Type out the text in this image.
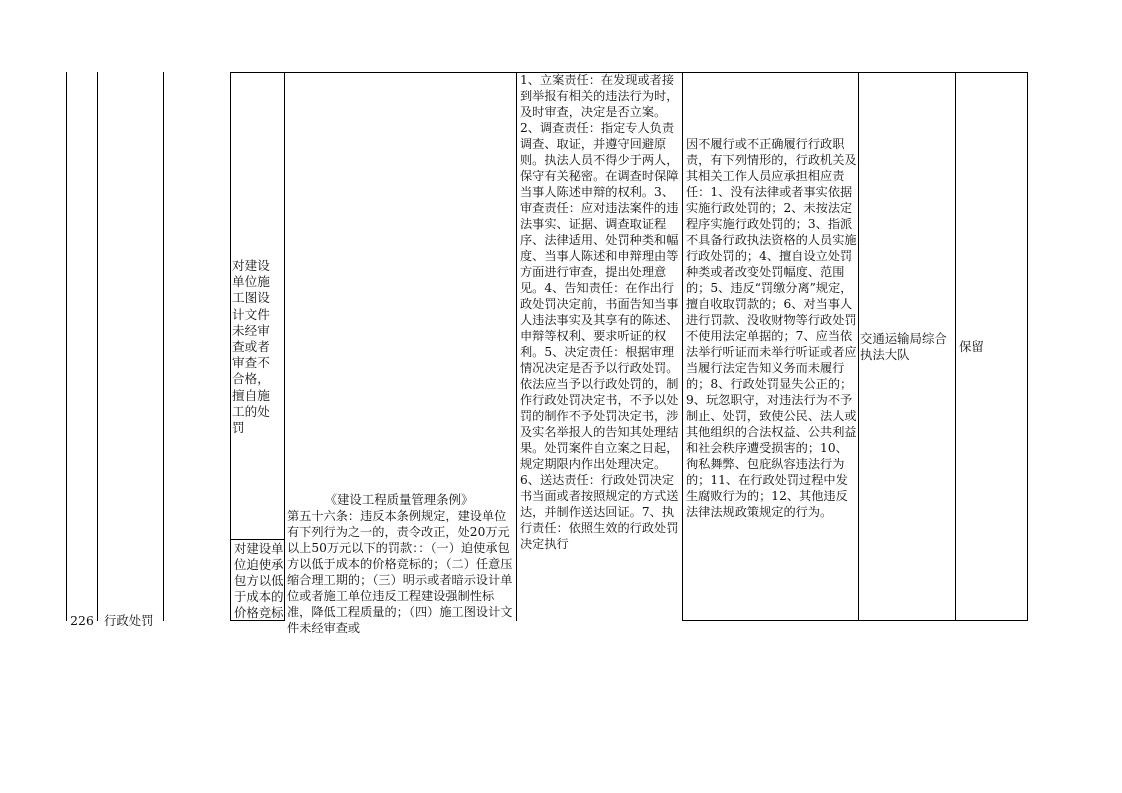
226 行政处罚
对建设单位迫使承包方以低于成本的价格竞标
对建设单位施工图设计文件未经审查或者审查不合格，擅自施工的处罚
《建设工程质量管理条例》
第五十六条：违反本条例规定，建设单位有下列行为之一的，责令改正，处20万元以上50万元以下的罚款：：（一）迫使承包方以低于成本的价格竞标的；（二）任意压缩合理工期的；（三）明示或者暗示设计单位或者施工单位违反工程建设强制性标准，降低工程质量的；（四）施工图设计文件未经审查或
1、立案责任：在发现或者接到举报有相关的违法行为时，及时审查，决定是否立案。2、调查责任：指定专人负责调查、取证，并遵守回避原则。执法人员不得少于两人，保守有关秘密。在调查时保障当事人陈述申辩的权利。3、审查责任：应对违法案件的违法事实、证据、调查取证程序、法律适用、处罚种类和幅度、当事人陈述和申辩理由等方面进行审查，提出处理意见。4、告知责任：在作出行政处罚决定前，书面告知当事人违法事实及其享有的陈述、申辩等权利、要求听证的权利。5、决定责任：根据审理情况决定是否予以行政处罚。依法应当予以行政处罚的，制作行政处罚决定书，不予以处罚的制作不予处罚决定书，涉及实名举报人的告知其处理结果。处罚案件自立案之日起，规定期限内作出处理决定。
6、送达责任：行政处罚决定书当面或者按照规定的方式送达，并制作送达回证。7、执行责任：依照生效的行政处罚决定执行
因不履行或不正确履行行政职责，有下列情形的，行政机关及其相关工作人员应承担相应责任：1、没有法律或者事实依据实施行政处罚的；2、未按法定程序实施行政处罚的；3、指派不具备行政执法资格的人员实施行政处罚的；4、擅自设立处罚种类或者改变处罚幅度、范围的；5、违反“罚缴分离”规定，擅自收取罚款的；6、对当事人进行罚款、没收财物等行政处罚不使用法定单据的；7、应当依法举行听证而未举行听证或者应当履行法定告知义务而未履行的；8、行政处罚显失公正的；9、玩忽职守，对违法行为不予制止、处罚，致使公民、法人或其他组织的合法权益、公共利益和社会秩序遭受损害的；10、徇私舞弊、包庇纵容违法行为的；11、在行政处罚过程中发生腐败行为的；12、其他违反法律法规政策规定的行为。
交通运输局综合执法大队
保留
